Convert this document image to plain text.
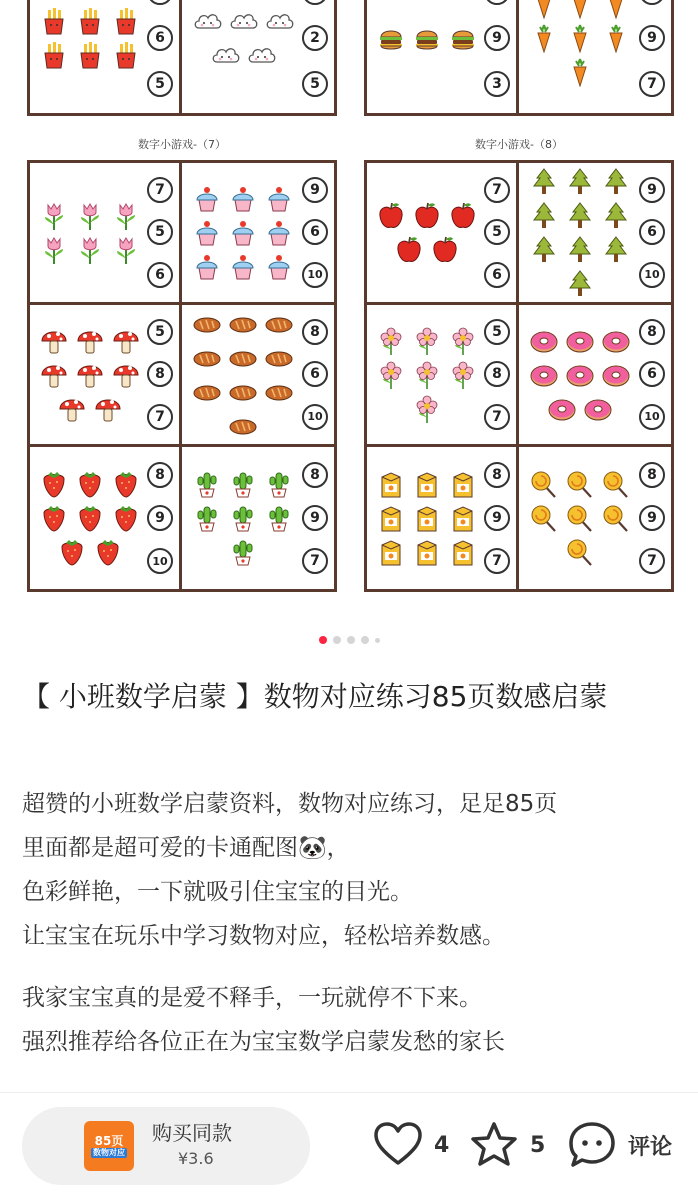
6
5
2
5
9
3
9
7
数字小游戏-（7）	数字小游戏-（8）
7
5
6
9
6
10
5
8
7
8
6
10
8
9
10
8
9
7
7
5
6
9
6
10
5
8
7
8
6
10
8
9
7
8
9
7
【 小班数学启蒙 】数物对应练习85页数感启蒙

超赞的小班数学启蒙资料，数物对应练习，足足85页

里面都是超可爱的卡通配图🐼，

色彩鲜艳，一下就吸引住宝宝的目光。

让宝宝在玩乐中学习数物对应，轻松培养数感。

我家宝宝真的是爱不释手，一玩就停不下来。

强烈推荐给各位正在为宝宝数学启蒙发愁的家长

85页
数物对应
购买同款
¥3.6
4	5	评论
